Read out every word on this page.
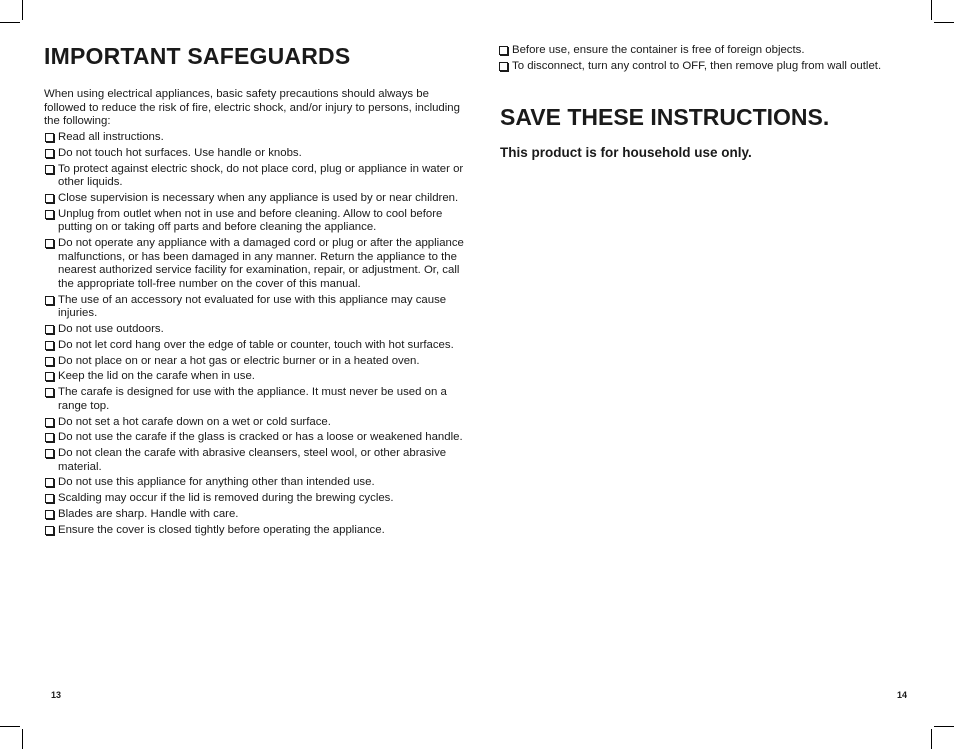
IMPORTANT SAFEGUARDS
When using electrical appliances, basic safety precautions should always be followed to reduce the risk of fire, electric shock, and/or injury to persons, including the following:
Read all instructions.
Do not touch hot surfaces. Use handle or knobs.
To protect against electric shock, do not place cord, plug or appliance in water or other liquids.
Close supervision is necessary when any appliance is used by or near children.
Unplug from outlet when not in use and before cleaning. Allow to cool before putting on or taking off parts and before cleaning the appliance.
Do not operate any appliance with a damaged cord or plug or after the appliance malfunctions, or has been damaged in any manner. Return the appliance to the nearest authorized service facility for examination, repair, or adjustment. Or, call the appropriate toll-free number on the cover of this manual.
The use of an accessory not evaluated for use with this appliance may cause injuries.
Do not use outdoors.
Do not let cord hang over the edge of table or counter, touch with hot surfaces.
Do not place on or near a hot gas or electric burner or in a heated oven.
Keep the lid on the carafe when in use.
The carafe is designed for use with the appliance. It must never be used on a range top.
Do not set a hot carafe down on a wet or cold surface.
Do not use the carafe if the glass is cracked or has a loose or weakened handle.
Do not clean the carafe with abrasive cleansers, steel wool, or other abrasive material.
Do not use this appliance for anything other than intended use.
Scalding may occur if the lid is removed during the brewing cycles.
Blades are sharp. Handle with care.
Ensure the cover is closed tightly before operating the appliance.
Before use, ensure the container is free of foreign objects.
To disconnect, turn any control to OFF, then remove plug from wall outlet.
SAVE THESE INSTRUCTIONS.
This product is for household use only.
13	14
